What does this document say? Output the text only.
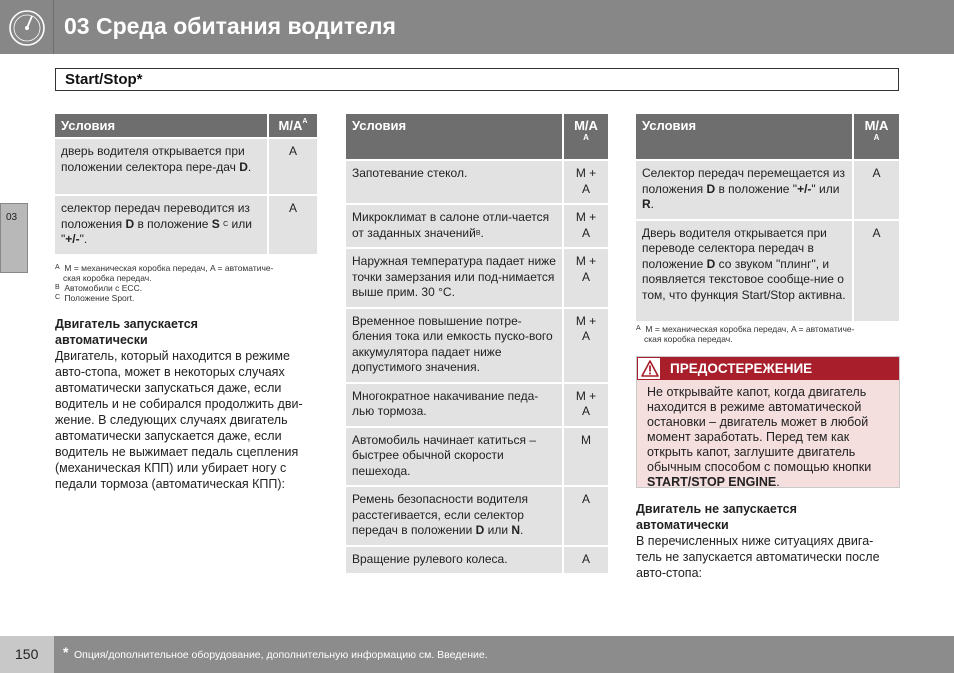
03 Среда обитания водителя
Start/Stop*
03
Условия	$M/A^A$
дверь водителя открывается при положении селектора пере-дач D.	A
селектор передач переводится из положения D в положение S $^C$ или "+/-".	A
A M = механическая коробка передач, A = автоматиче-
ская коробка передач.
B Автомобили с ECC.
C Положение Sport.
Двигатель запускается автоматически
Двигатель, который находится в режиме авто-стопа, может в некоторых случаях автоматически запускаться даже, если водитель и не собирался продолжить дви-жение. В следующих случаях двигатель автоматически запускается даже, если водитель не выжимает педаль сцепления (механическая КПП) или убирает ногу с педали тормоза (автоматическая КПП):
Условия	M/A
A

Запотевание стекол.	M +
A
Микроклимат в салоне отли-чается от заданных значений$^B$.	M +
A
Наружная температура падает ниже точки замерзания или под-нимается выше прим. 30 °C.	M +
A
Временное повышение потре-бления тока или емкость пуско-вого аккумулятора падает ниже допустимого значения.	M +
A
Многократное накачивание педа-лью тормоза.	M +
A
Автомобиль начинает катиться – быстрее обычной скорости пешехода.	M
Ремень безопасности водителя расстегивается, если селектор передач в положении D или N.	A
Вращение рулевого колеса.	A
Условия	M/A
A

Селектор передач перемещается из положения D в положение "+/-" или R.	A
Дверь водителя открывается при переводе селектора передач в положение D со звуком "плинг", и появляется текстовое сообще-ние о том, что функция Start/Stop активна.	A
A M = механическая коробка передач, A = автоматиче-
ская коробка передач.
ПРЕДОСТЕРЕЖЕНИЕ
Не открывайте капот, когда двигатель находится в режиме автоматической остановки – двигатель может в любой момент заработать. Перед тем как открыть капот, заглушите двигатель обычным способом с помощью кнопки START/STOP ENGINE.
Двигатель не запускается автоматически
В перечисленных ниже ситуациях двига-тель не запускается автоматически после авто-стопа:
150 * Опция/дополнительное оборудование, дополнительную информацию см. Введение.
